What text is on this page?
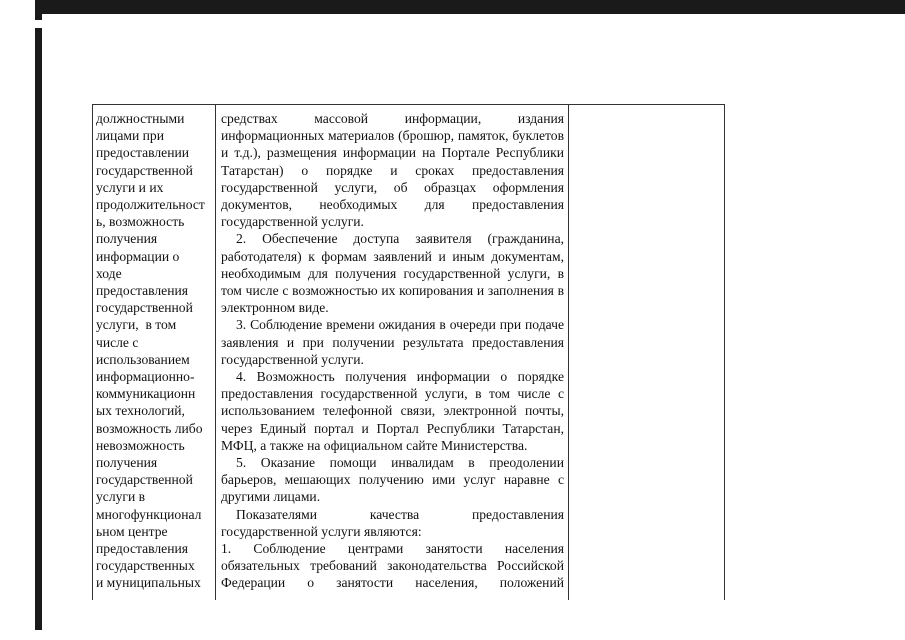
должностными
лицами при
предоставлении
государственной
услуги и их
продолжительност
ь, возможность
получения
информации о
ходе
предоставления
государственной
услуги,  в том
числе с
использованием
информационно-
коммуникационн
ых технологий,
возможность либо
невозможность
получения
государственной
услуги в
многофункционал
ьном центре
предоставления
государственных
и муниципальных

средствах массовой информации, издания информационных материалов (брошюр, памяток, буклетов и т.д.), размещения информации на Портале Республики Татарстан) о порядке и сроках предоставления государственной услуги, об образцах оформления документов, необходимых для предоставления государственной услуги.

2. Обеспечение доступа заявителя (гражданина, работодателя) к формам заявлений и иным документам, необходимым для получения государственной услуги, в том числе с возможностью их копирования и заполнения в электронном виде.

3. Соблюдение времени ожидания в очереди при подаче заявления и при получении результата предоставления государственной услуги.

4. Возможность получения информации о порядке предоставления государственной услуги, в том числе с использованием телефонной связи, электронной почты, через Единый портал и Портал Республики Татарстан, МФЦ, а также на официальном сайте Министерства.

5. Оказание помощи инвалидам в преодолении барьеров, мешающих получению ими услуг наравне с другими лицами.

Показателями качества предоставления государственной услуги являются:

1. Соблюдение центрами занятости населения обязательных требований законодательства Российской Федерации о занятости населения, положений
